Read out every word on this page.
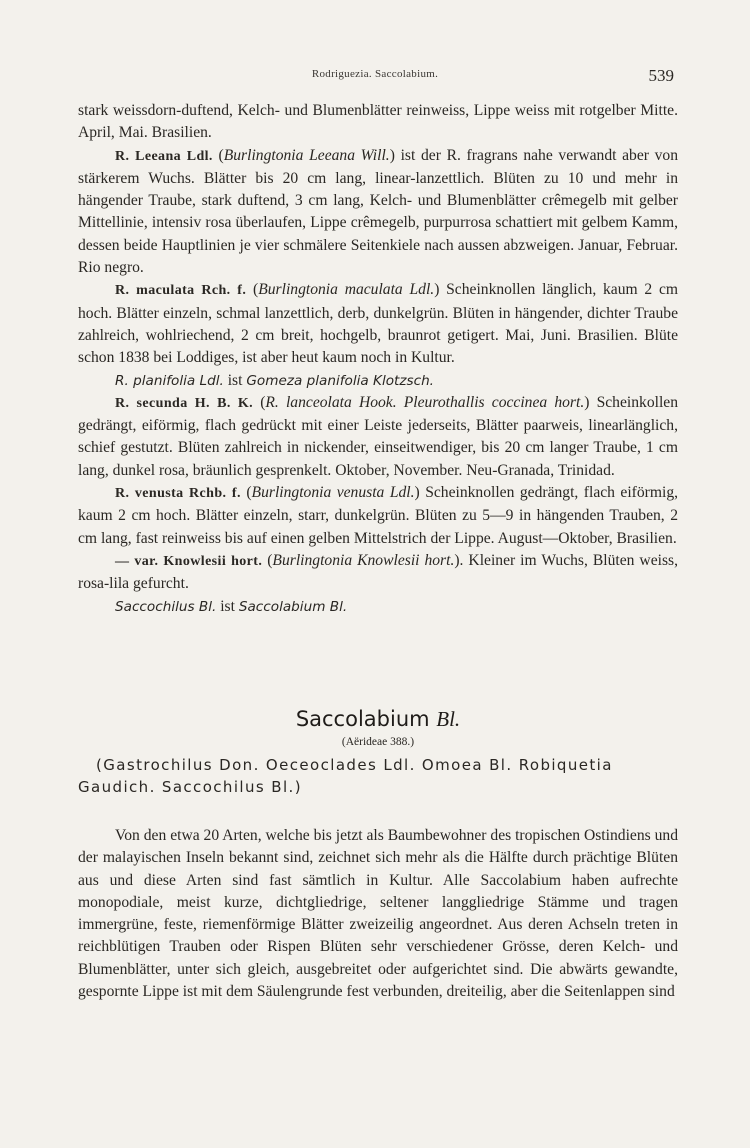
Rodriguezia. Saccolabium.	539

stark weissdorn-duftend, Kelch- und Blumenblätter reinweiss, Lippe weiss mit rotgelber Mitte. April, Mai. Brasilien.

R. Leeana Ldl. (Burlingtonia Leeana Will.) ist der R. fragrans nahe verwandt aber von stärkerem Wuchs. Blätter bis 20 cm lang, linear-lanzettlich. Blüten zu 10 und mehr in hängender Traube, stark duftend, 3 cm lang, Kelch- und Blumenblätter crêmegelb mit gelber Mittellinie, intensiv rosa überlaufen, Lippe crêmegelb, purpurrosa schattiert mit gelbem Kamm, dessen beide Hauptlinien je vier schmälere Seitenkiele nach aussen abzweigen. Januar, Februar. Rio negro.

R. maculata Rch. f. (Burlingtonia maculata Ldl.) Scheinknollen länglich, kaum 2 cm hoch. Blätter einzeln, schmal lanzettlich, derb, dunkelgrün. Blüten in hängender, dichter Traube zahlreich, wohlriechend, 2 cm breit, hochgelb, braunrot getigert. Mai, Juni. Brasilien. Blüte schon 1838 bei Loddiges, ist aber heut kaum noch in Kultur.

R. planifolia Ldl. ist Gomeza planifolia Klotzsch.

R. secunda H. B. K. (R. lanceolata Hook. Pleurothallis coccinea hort.) Scheinkollen gedrängt, eiförmig, flach gedrückt mit einer Leiste jederseits, Blätter paarweis, linearlänglich, schief gestutzt. Blüten zahlreich in nickender, einseitwendiger, bis 20 cm langer Traube, 1 cm lang, dunkel rosa, bräunlich gesprenkelt. Oktober, November. Neu-Granada, Trinidad.

R. venusta Rchb. f. (Burlingtonia venusta Ldl.) Scheinknollen gedrängt, flach eiförmig, kaum 2 cm hoch. Blätter einzeln, starr, dunkelgrün. Blüten zu 5—9 in hängenden Trauben, 2 cm lang, fast reinweiss bis auf einen gelben Mittelstrich der Lippe. August—Oktober, Brasilien.

— var. Knowlesii hort. (Burlingtonia Knowlesii hort.). Kleiner im Wuchs, Blüten weiss, rosa-lila gefurcht.

Saccochilus Bl. ist Saccolabium Bl.

Saccolabium Bl.

(Aërideae 388.)
(Gastrochilus Don. Oeceoclades Ldl. Omoea Bl. Robiquetia Gaudich. Saccochilus Bl.)

Von den etwa 20 Arten, welche bis jetzt als Baumbewohner des tropischen Ostindiens und der malayischen Inseln bekannt sind, zeichnet sich mehr als die Hälfte durch prächtige Blüten aus und diese Arten sind fast sämtlich in Kultur. Alle Saccolabium haben aufrechte monopodiale, meist kurze, dichtgliedrige, seltener langgliedrige Stämme und tragen immergrüne, feste, riemenförmige Blätter zweizeilig angeordnet. Aus deren Achseln treten in reichblütigen Trauben oder Rispen Blüten sehr verschiedener Grösse, deren Kelch- und Blumenblätter, unter sich gleich, ausgebreitet oder aufgerichtet sind. Die abwärts gewandte, gespornte Lippe ist mit dem Säulengrunde fest verbunden, dreiteilig, aber die Seitenlappen sind
